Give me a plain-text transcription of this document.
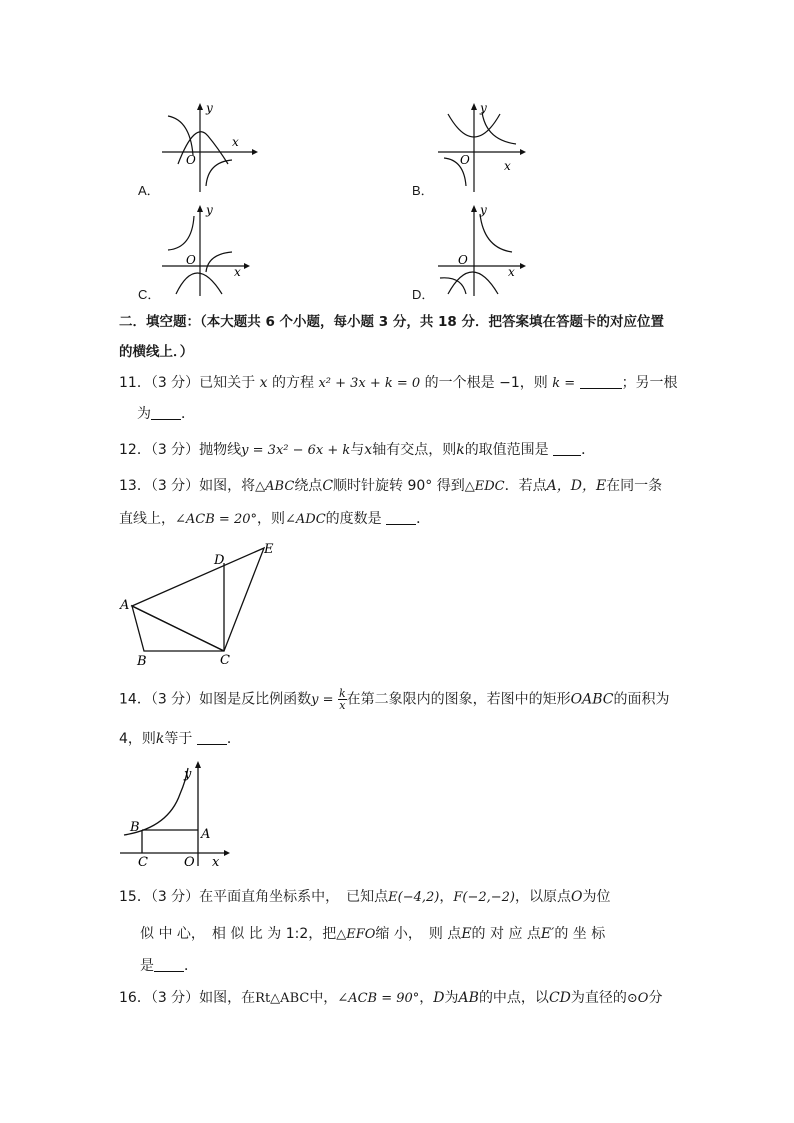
y
x
O
A．
y
x
O
B．
y
x
O
C．
y
x
O
D．
二．填空题：（本大题共 6 个小题，每小题 3 分，共 18 分．把答案填在答题卡的对应位置
的横线上．）
11．（3 分）已知关于 x 的方程 x² + 3x + k = 0 的一个根是 −1，则 k =	；另一根
为 ．
12．（3 分）抛物线y = 3x² − 6x + k与x轴有交点，则k的取值范围是 ．
13．（3 分）如图，将△ABC绕点C顺时针旋转 90° 得到△EDC．若点A，D，E在同一条
直线上，∠ACB = 20°，则∠ADC的度数是 ．
A
B	C
D
E
14．（3 分）如图是反比例函数$y = \frac{k}{x}$ 在第二象限内的图象，若图中的矩形OABC的面积为
4，则k等于 ．
y
B	A
C	O x
15．（3 分）在平面直角坐标系中，　已知点E(−4,2)，F(−2,−2)，以原点O为位
似 中 心，　相 似 比 为 1:2，把△EFO缩 小，　则 点E的 对 应 点E′的 坐 标
是 ．
16．（3 分）如图，在Rt△ABC中，∠ACB = 90°，D为AB的中点，以CD为直径的⊙O分
